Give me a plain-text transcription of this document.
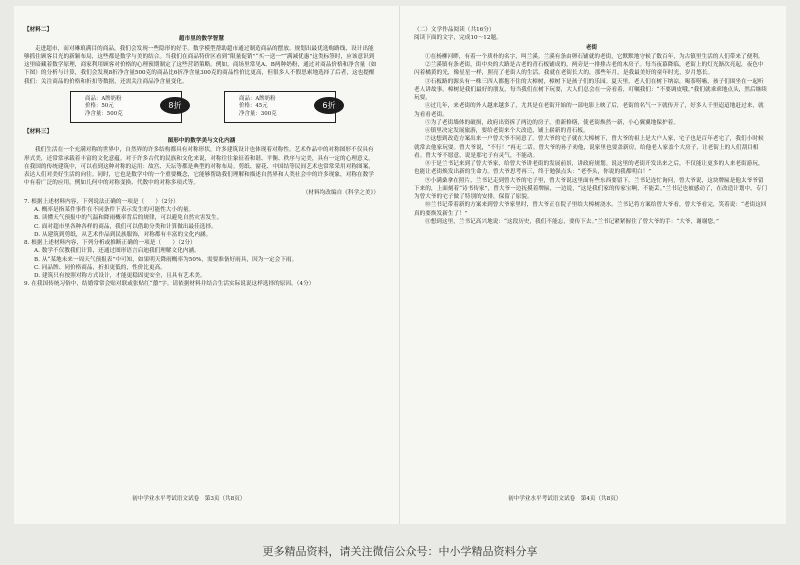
【材料二】

超市里的数学智慧

走进超市，而对琳琅满目的商品，我们会发现一些隐形的好手。数学模型帮助超市通过制造商品的摆放、规划出最优选购路线、设计出能够抓住顾客目光的新颖布局，这些都是数学与美的结合。当我们在商品特价区看到“限量促销”“买一送一”“满减优惠”这类标签时，应该意识到这里暗藏着数学原理，商家利用顾客对价格的心理预期制定了这些营销策略。例如，商场里常见A、B两种奶粉，通过对商品价格和净含量（如下图）的分析与计算，我们会发现8折净含量500克的商品比6折净含量300克的商品性价比更高，但很多人不假思索地选择了后者，这也提醒我们：关注商品的价格和折扣等数据，还需关注商品净含量变化。

商品：A牌奶粉
价格：50元
净含量：500克
8折
商品：A牌奶粉
价格：45元
净含量：300克
6折

【材料三】

图形中的数学美与文化内涵

我们生活在一个充满对称的世界中，自然界的许多结构都具有对称形状，许多建筑设计也体现着对称性。艺术作品中的对称图形不仅具有形式美，还常常承载着丰富的文化意蕴。对于许多古代的民族和文化来说，对称往往象征着和谐、平衡、秩序与完美，具有一定的心理意义。在我国的传统建筑中，可以看到这种对称的运用：故宫、天坛等都是典型的对称布局。剪纸、窗花、中国结等民间艺术也常常采用对称图案，表达人们对美好生活的向往。同时，它也是数学中的一个重要概念，它能够帮助我们理解和描述自然界和人类社会中的许多现象，对称在数学中有着广泛的应用，例如几何中的对称变换、代数中的对称多项式等。

（材料均改编自《科学之美》）

7. 根据上述材料内容，下列说法正确的一项是（　　）（2分）

A. 概率是指某件事件在不同条件下表示发生的可能性大小的量。

B. 读懂天气预报中的气温和降雨概率背后的规律，可以避免自然灾害发生。

C. 面对超市里各种各样的商品，我们可以借助分类和计算做出最佳选择。

D. 从建筑到剪纸，从艺术作品到民族服饰，对称都有丰富的文化内涵。

8. 根据上述材料内容，下列分析或推断正确的一项是（　　）（2分）

A. 数学不仅教我们计算，还通过图形语言启迪我们理解文化内涵。

B. 从“某地未来一周天气预报表”中可知，如果明天降雨概率为50%，需要准备好雨具，因为一定会下雨。

C. 同品牌、同价格商品，折扣更低的，性价比更高。

D. 建筑只有按照对称方式设计，才能更稳固更安全，且具有艺术美。

9. 在我国传统习俗中，结婚常常会贴对联或张贴红“囍”字。请依据材料并结合生活实际说说这样选择的原因。（4分）

（二）文学作品阅读（共16分）

阅读下面的文字，完成10～12题。

老街

①在杨柳河畔，有着一个质朴的名字，叫兰溪。兰溪有条由卵石铺就的老街，它默默地守候了数百年，为古镇里生活的人们带来了便利。

②兰溪镇有条老街，街中央的大路是古老的青石板铺成的，两旁是一排排古老的木房子。每当夜幕降临，老街上的灯光渐次亮起，夜色中闪着橘黄的光，像星星一样，照亮了老街人的生活。我就在老街长大的，那些年月，是我最美好的童年时光，岁月悠长。

③石板路的源头有一株三四人都抱不住的大樟树，樟树下是孩子们的乐园。夏天里，老人们在树下纳凉，喝茶唠嗑，孩子们围坐在一起听老人讲故事。樟树是我们最好的朋友，每当我们在树下玩耍，大人们总会在一旁看着，叮嘱我们：“不要调皮哦。”我们就乖乖地点头，然后继续玩耍。

④过几年，来老街的外人越来越多了，尤其是在老街开始的一部电影上映了后，老街的名气一下就传开了，好多人千里迢迢地赶过来，就为看看老街。

⑤为了老街墙体的破损，政府出资拆了两边的房子，重新修缮，使老街焕然一新，小心翼翼地保护着。

⑥镇里决定发展旅游，要给老街来个大改造，铺上崭新的青石板。

⑦这想到改造方案出来一户曾大爷不同意了。曾大爷的宅子就在大樟树下，曾大爷的祖上是大户人家，宅子也是百年老宅了，我们小时候就常去他家玩耍。曾大爷说，“不行！”再无二话。曾大爷的孙子劝他，说家里也要盖新房，给他老人家盖个大房子，让老街上的人们刮目相看。曾大爷不愿意，说是那宅子有灵气，不能动。

⑧于是兰书记来到了曾大爷家，给曾大爷讲老街的发展前景，讲政府规划。说这里的老街开发出来之后，不仅能让更多的人来老街游玩，也能让老街焕发出新的生命力。曾大爷思考再三，终于勉强点头：“老李头，你说的我都明白！”

⑨小满桑拿在照片，兰书记走到曾大爷的宅子里，曾大爷说这里面有些东西要留下。兰书记连忙询问，曾大爷说，这块牌匾是他太爷爷留下来的，上面刻着“诗书传家”，曾大爷一边抚摸着牌匾，一边说，“这是我们家的传家宝啊，不能丢。”兰书记也被感动了，在改造计划中，专门为曾大爷的宅子做了特别的安排，保留了原貌。

⑩兰书记带着新的方案来到曾大爷家里时，曾大爷正在院子里给大樟树浇水。兰书记将方案给曾大爷看，曾大爷看完，笑着说：“老街这回真的要焕发新生了！”

⑪想到这里，兰书记高兴地说：“这段历史，我们不能忘，要传下去。”兰书记紧紧握住了曾大爷的手：“大爷，谢谢您。”

初中学业水平考试语文试卷　第3页（共8页）	初中学业水平考试语文试卷　第4页（共8页）
更多精品资料，请关注微信公众号：中小学精品资料分享
